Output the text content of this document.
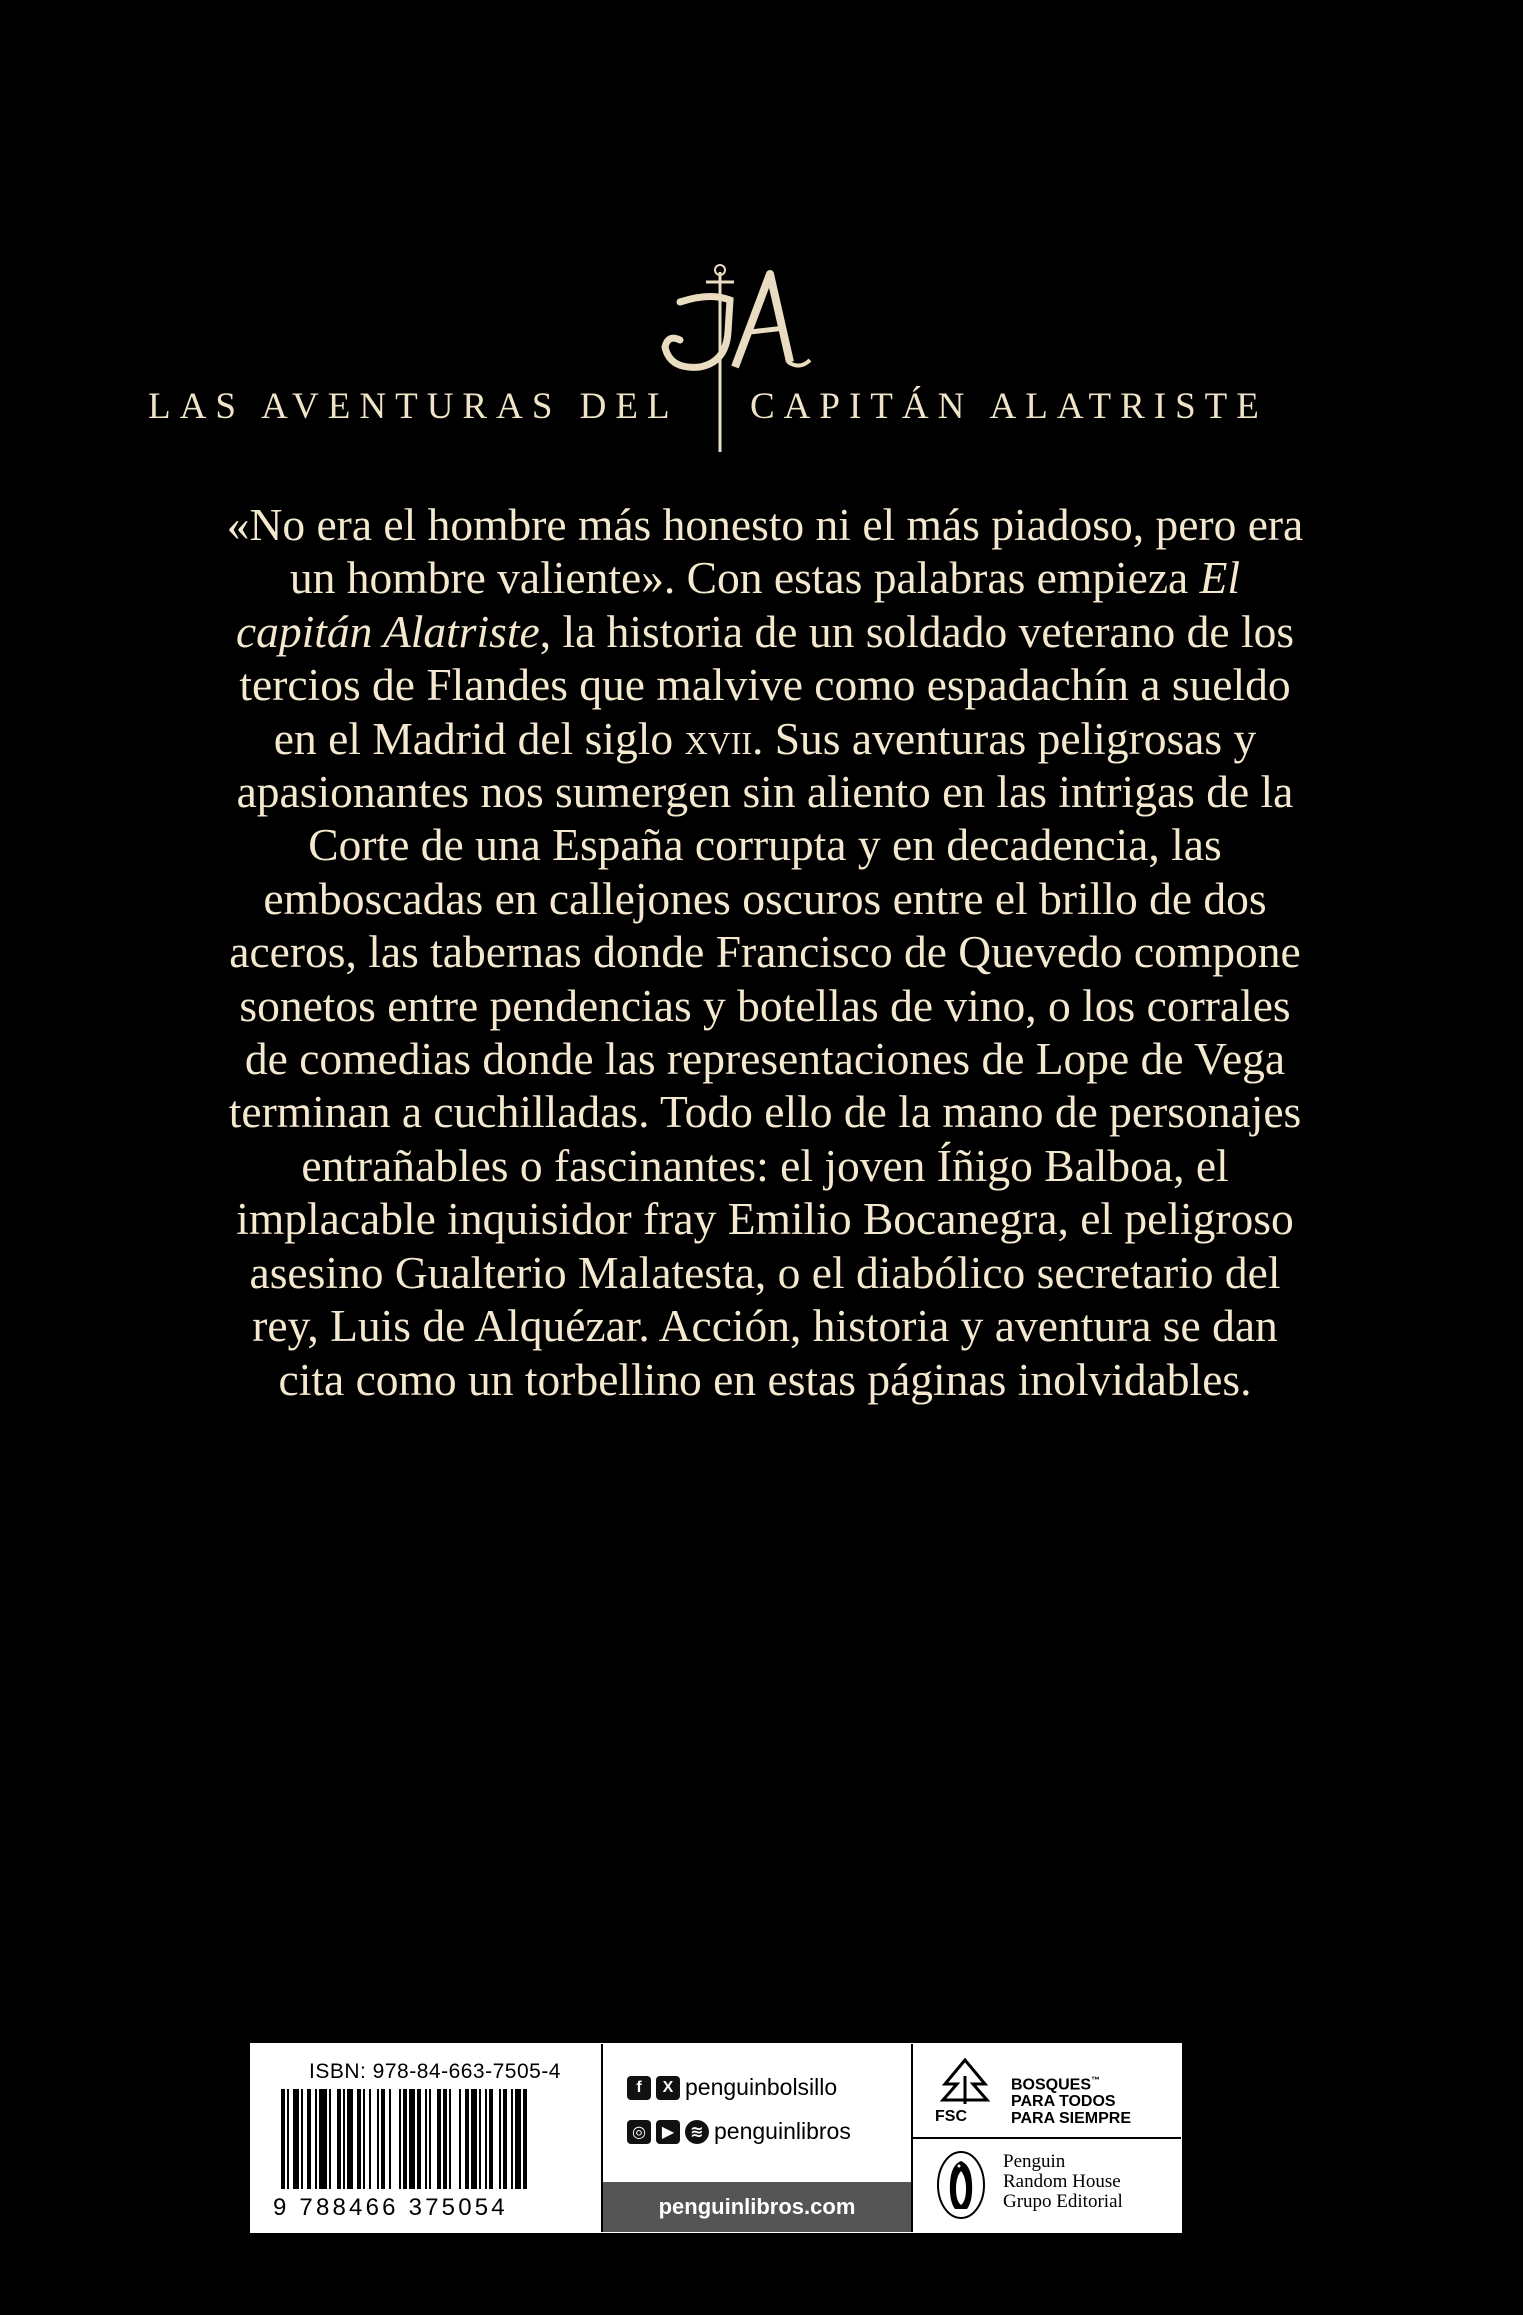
LAS AVENTURAS DEL CAPITÁN ALATRISTE

«No era el hombre más honesto ni el más piadoso, pero era un hombre valiente». Con estas palabras empieza El capitán Alatriste, la historia de un soldado veterano de los tercios de Flandes que malvive como espadachín a sueldo en el Madrid del siglo xvii. Sus aventuras peligrosas y apasionantes nos sumergen sin aliento en las intrigas de la Corte de una España corrupta y en decadencia, las emboscadas en callejones oscuros entre el brillo de dos aceros, las tabernas donde Francisco de Quevedo compone sonetos entre pendencias y botellas de vino, o los corrales de comedias donde las representaciones de Lope de Vega terminan a cuchilladas. Todo ello de la mano de personajes entrañables o fascinantes: el joven Íñigo Balboa, el implacable inquisidor fray Emilio Bocanegra, el peligroso asesino Gualterio Malatesta, o el diabólico secretario del rey, Luis de Alquézar. Acción, historia y aventura se dan cita como un torbellino en estas páginas inolvidables.

ISBN: 978-84-663-7505-4
9 788466 375054
f	X penguinbolsillo
◎ ▶	≋ penguinlibros
penguinlibros.com
FSC
BOSQUES™
PARA TODOS
PARA SIEMPRE
Penguin
Random House
Grupo Editorial
